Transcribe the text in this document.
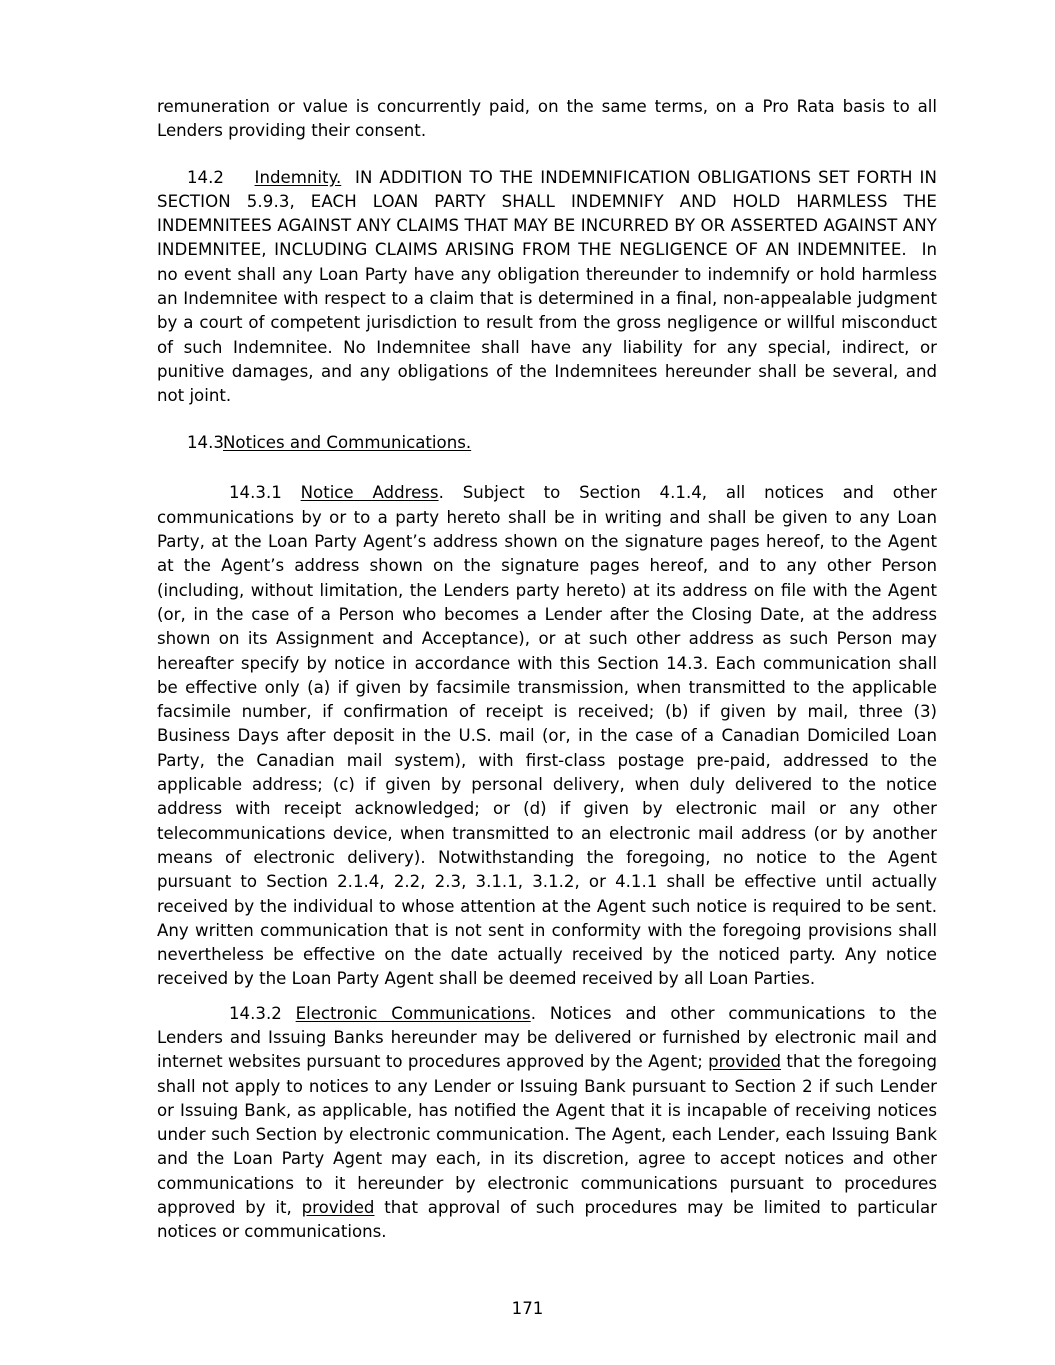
remuneration or value is concurrently paid, on the same terms, on a Pro Rata basis to all Lenders providing their consent.

14.2 Indemnity. IN ADDITION TO THE INDEMNIFICATION OBLIGATIONS SET FORTH IN SECTION 5.9.3, EACH LOAN PARTY SHALL INDEMNIFY AND HOLD HARMLESS THE INDEMNITEES AGAINST ANY CLAIMS THAT MAY BE INCURRED BY OR ASSERTED AGAINST ANY INDEMNITEE, INCLUDING CLAIMS ARISING FROM THE NEGLIGENCE OF AN INDEMNITEE. In no event shall any Loan Party have any obligation thereunder to indemnify or hold harmless an Indemnitee with respect to a claim that is determined in a final, non-appealable judgment by a court of competent jurisdiction to result from the gross negligence or willful misconduct of such Indemnitee. No Indemnitee shall have any liability for any special, indirect, or punitive damages, and any obligations of the Indemnitees hereunder shall be several, and not joint.

14.3Notices and Communications.

14.3.1 Notice Address. Subject to Section 4.1.4, all notices and other communications by or to a party hereto shall be in writing and shall be given to any Loan Party, at the Loan Party Agent’s address shown on the signature pages hereof, to the Agent at the Agent’s address shown on the signature pages hereof, and to any other Person (including, without limitation, the Lenders party hereto) at its address on file with the Agent (or, in the case of a Person who becomes a Lender after the Closing Date, at the address shown on its Assignment and Acceptance), or at such other address as such Person may hereafter specify by notice in accordance with this Section 14.3. Each communication shall be effective only (a) if given by facsimile transmission, when transmitted to the applicable facsimile number, if confirmation of receipt is received; (b) if given by mail, three (3) Business Days after deposit in the U.S. mail (or, in the case of a Canadian Domiciled Loan Party, the Canadian mail system), with first-class postage pre-paid, addressed to the applicable address; (c) if given by personal delivery, when duly delivered to the notice address with receipt acknowledged; or (d) if given by electronic mail or any other telecommunications device, when transmitted to an electronic mail address (or by another means of electronic delivery). Notwithstanding the foregoing, no notice to the Agent pursuant to Section 2.1.4, 2.2, 2.3, 3.1.1, 3.1.2, or 4.1.1 shall be effective until actually received by the individual to whose attention at the Agent such notice is required to be sent. Any written communication that is not sent in conformity with the foregoing provisions shall nevertheless be effective on the date actually received by the noticed party. Any notice received by the Loan Party Agent shall be deemed received by all Loan Parties.

14.3.2 Electronic Communications. Notices and other communications to the Lenders and Issuing Banks hereunder may be delivered or furnished by electronic mail and internet websites pursuant to procedures approved by the Agent; provided that the foregoing shall not apply to notices to any Lender or Issuing Bank pursuant to Section 2 if such Lender or Issuing Bank, as applicable, has notified the Agent that it is incapable of receiving notices under such Section by electronic communication. The Agent, each Lender, each Issuing Bank and the Loan Party Agent may each, in its discretion, agree to accept notices and other communications to it hereunder by electronic communications pursuant to procedures approved by it, provided that approval of such procedures may be limited to particular notices or communications.

171
